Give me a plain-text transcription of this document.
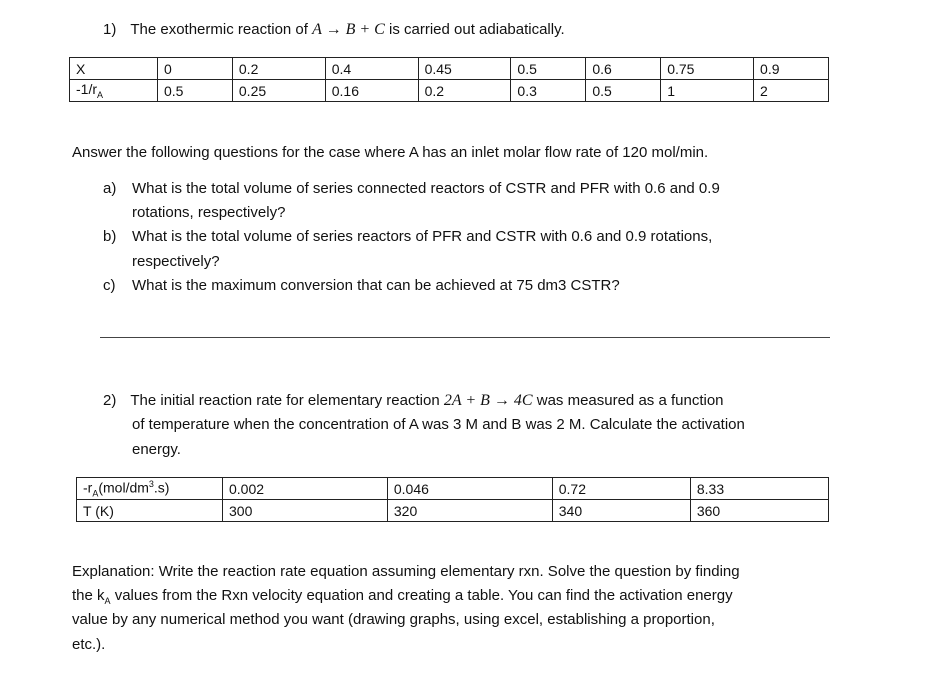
1) The exothermic reaction of A → B + C is carried out adiabatically.
X	0	0.2	0.4	0.45	0.5	0.6	0.75	0.9
$-1/r_A$	0.5	0.25	0.16	0.2	0.3	0.5	1	2
Answer the following questions for the case where A has an inlet molar flow rate of 120 mol/min.
a) What is the total volume of series connected reactors of CSTR and PFR with 0.6 and 0.9
rotations, respectively?
b) What is the total volume of series reactors of PFR and CSTR with 0.6 and 0.9 rotations,
respectively?
c) What is the maximum conversion that can be achieved at 75 dm3 CSTR?
2) The initial reaction rate for elementary reaction 2A + B → 4C was measured as a function
of temperature when the concentration of A was 3 M and B was 2 M. Calculate the activation
energy.
$-r_A(mol/dm^3.s)$	0.002	0.046	0.72	8.33
T (K)	300	320	340	360
Explanation: Write the reaction rate equation assuming elementary rxn. Solve the question by finding
the $k_A$ values from the Rxn velocity equation and creating a table. You can find the activation energy
value by any numerical method you want (drawing graphs, using excel, establishing a proportion,
etc.).
